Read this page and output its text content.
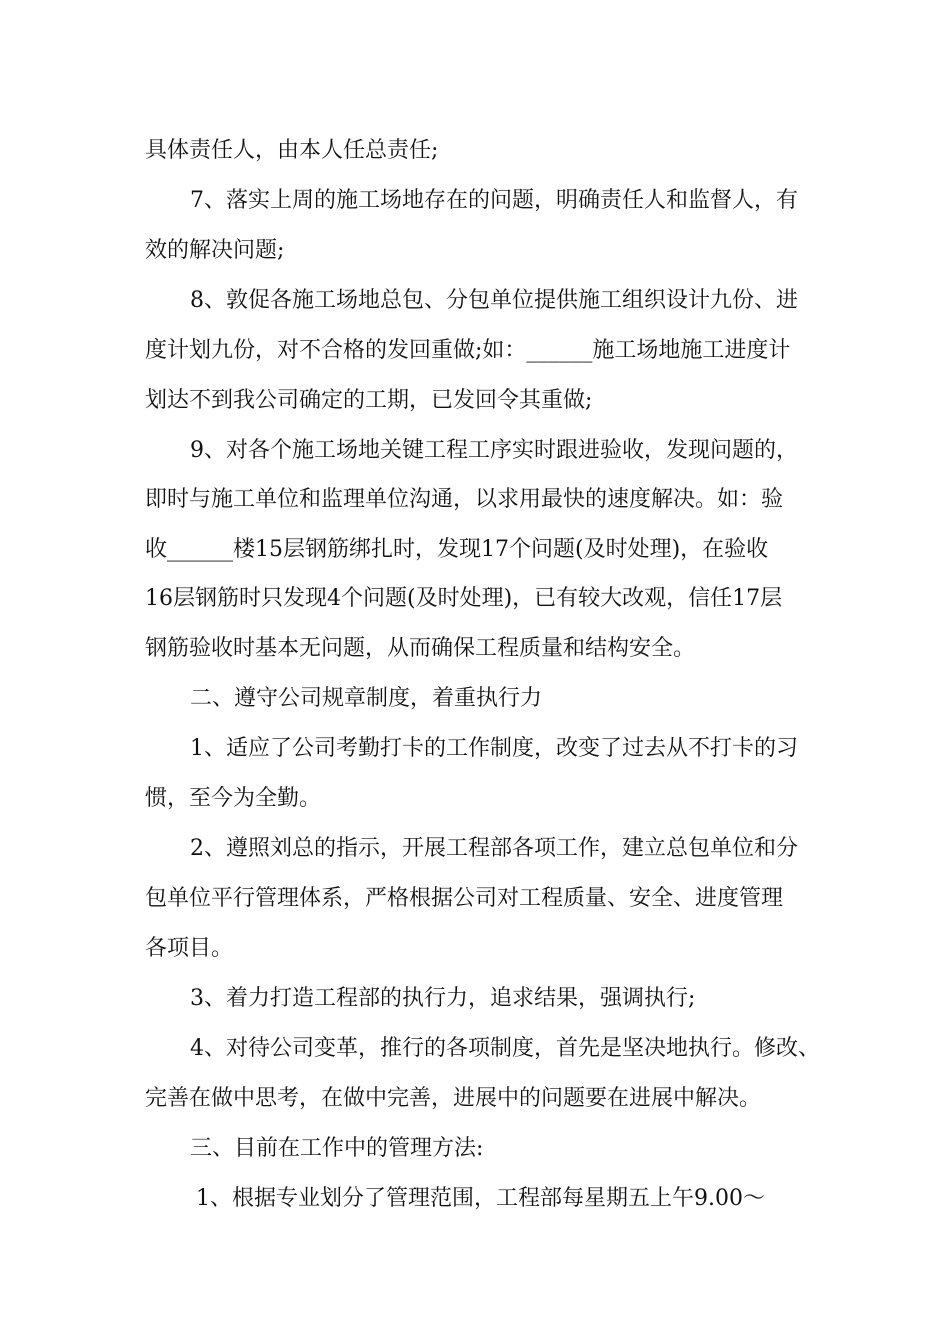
具体责任人，由本人任总责任;
7、落实上周的施工场地存在的问题，明确责任人和监督人，有
效的解决问题;
8、敦促各施工场地总包、分包单位提供施工组织设计九份、进
度计划九份，对不合格的发回重做;如：______施工场地施工进度计
划达不到我公司确定的工期，已发回令其重做;
9、对各个施工场地关键工程工序实时跟进验收，发现问题的，
即时与施工单位和监理单位沟通，以求用最快的速度解决。如：验
收______楼15层钢筋绑扎时，发现17个问题(及时处理)，在验收
16层钢筋时只发现4个问题(及时处理)，已有较大改观，信任17层
钢筋验收时基本无问题，从而确保工程质量和结构安全。
二、遵守公司规章制度，着重执行力
1、适应了公司考勤打卡的工作制度，改变了过去从不打卡的习
惯，至今为全勤。
2、遵照刘总的指示，开展工程部各项工作，建立总包单位和分
包单位平行管理体系，严格根据公司对工程质量、安全、进度管理
各项目。
3、着力打造工程部的执行力，追求结果，强调执行;
4、对待公司变革，推行的各项制度，首先是坚决地执行。修改、
完善在做中思考，在做中完善，进展中的问题要在进展中解决。
三、目前在工作中的管理方法:
1、根据专业划分了管理范围，工程部每星期五上午9.00～
